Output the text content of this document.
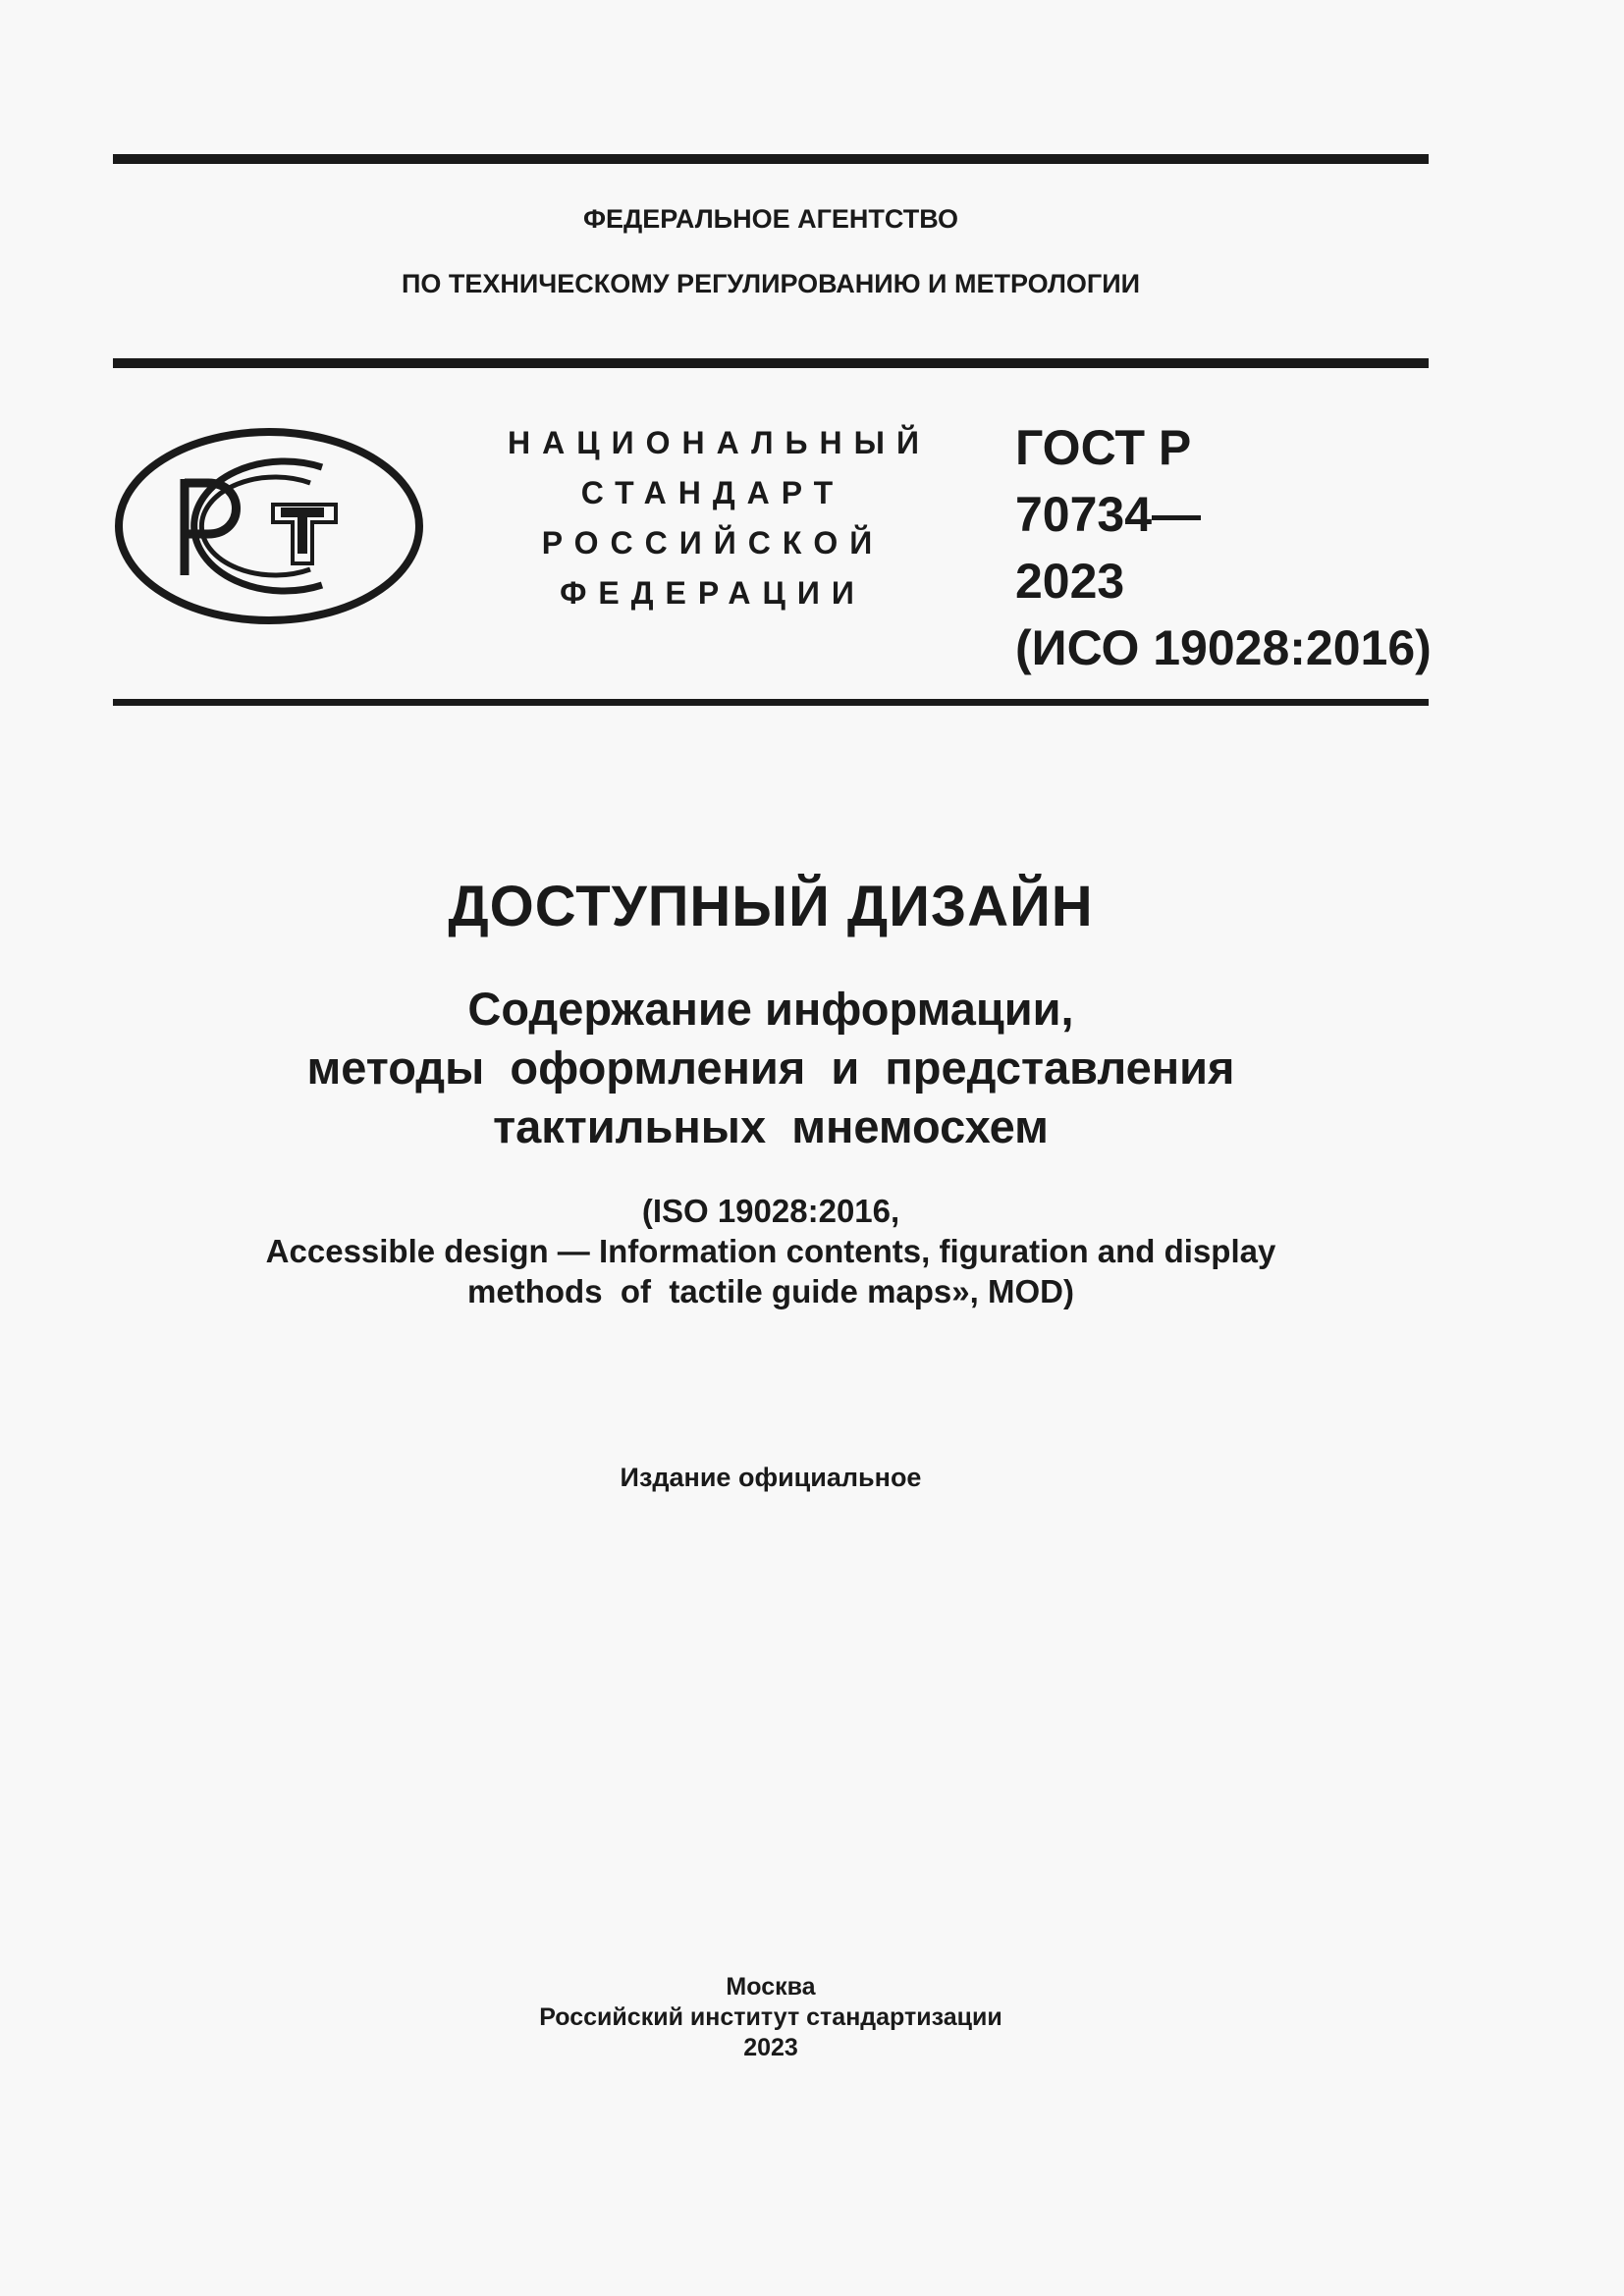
ФЕДЕРАЛЬНОЕ АГЕНТСТВО
ПО ТЕХНИЧЕСКОМУ РЕГУЛИРОВАНИЮ И МЕТРОЛОГИИ
НАЦИОНАЛЬНЫЙ
СТАНДАРТ
РОССИЙСКОЙ
ФЕДЕРАЦИИ
ГОСТ Р
70734—
2023
(ИСО 19028:2016)
ДОСТУПНЫЙ ДИЗАЙН
Содержание информации,
методы  оформления  и  представления
тактильных  мнемосхем
(ISO 19028:2016,
Accessible design — Information contents, figuration and display
methods  of  tactile guide maps», MOD)
Издание официальное
Москва
Российский институт стандартизации
2023
